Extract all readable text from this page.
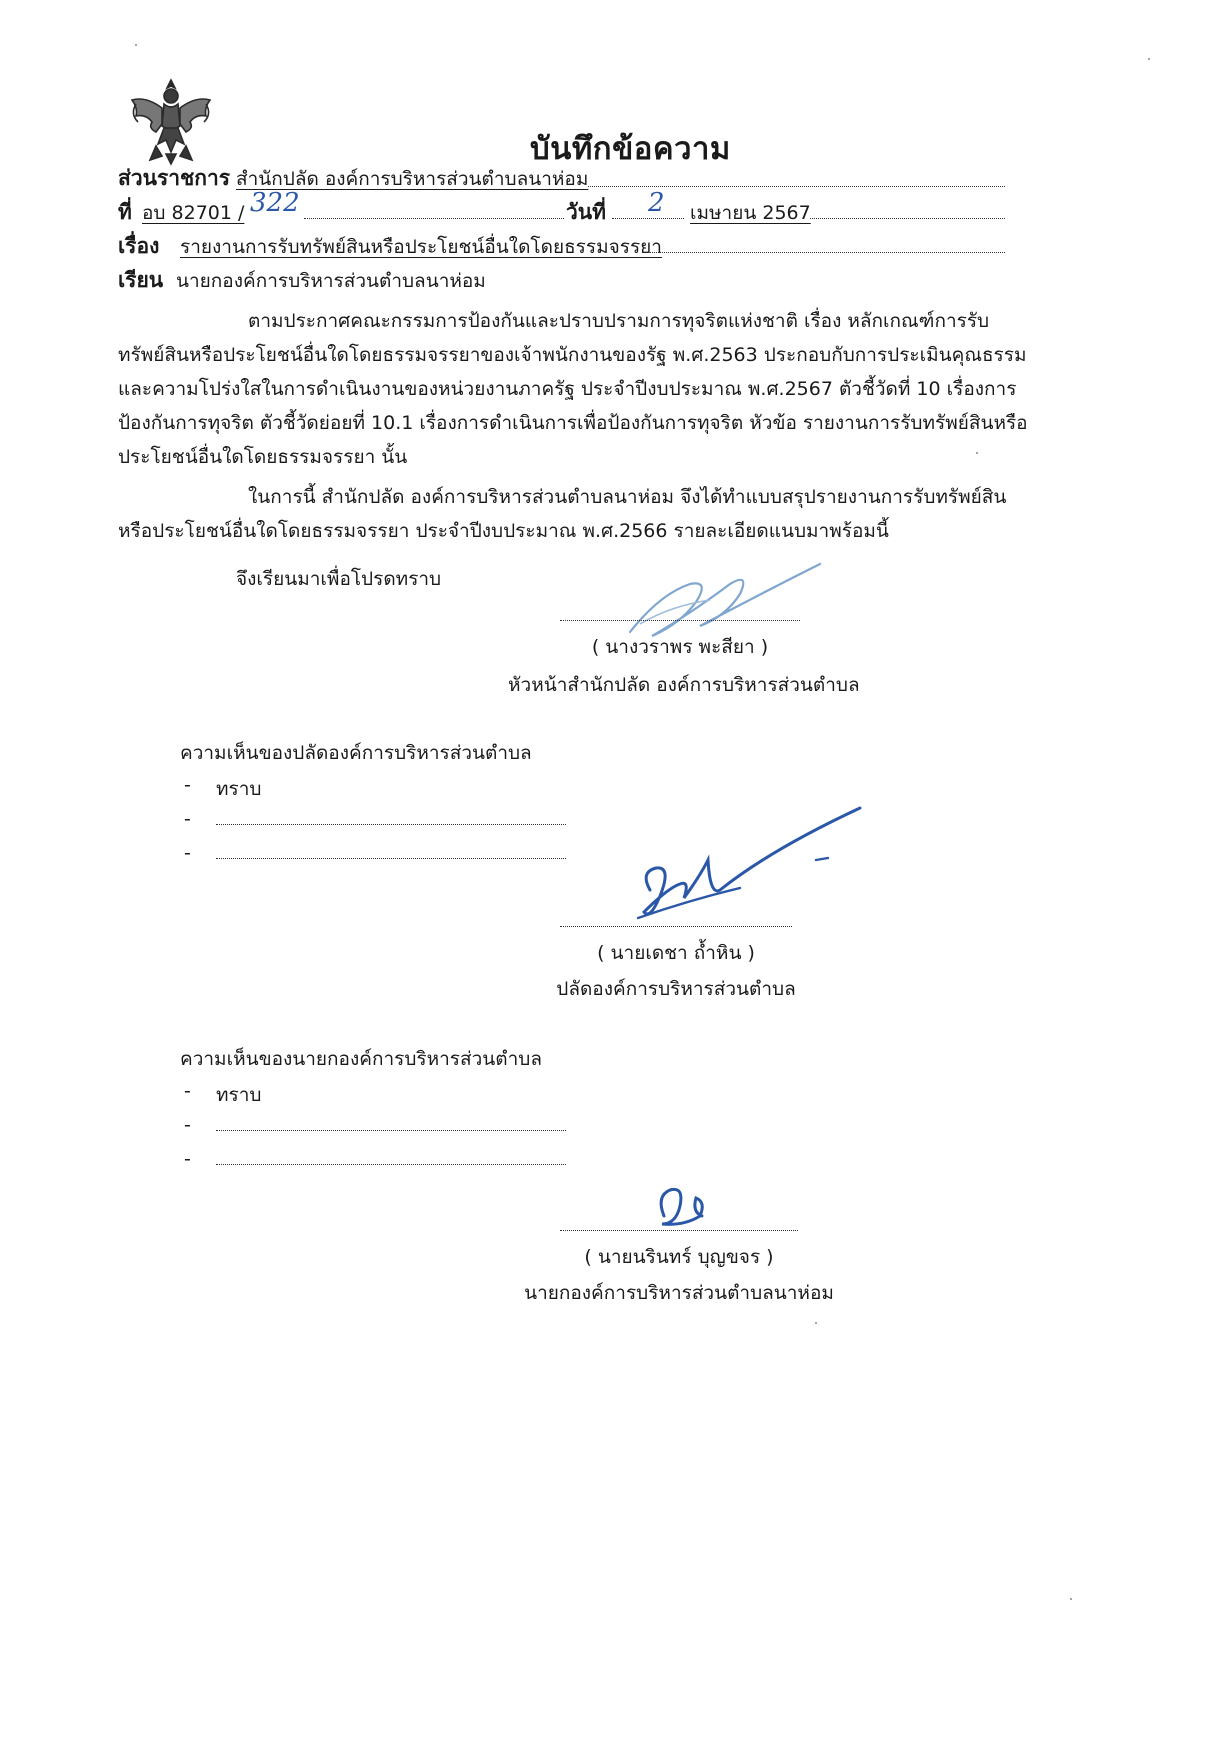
บันทึกข้อความ
ส่วนราชการ สำนักปลัด องค์การบริหารส่วนตำบลนาห่อม
ที่ อบ 82701 / 322	วันที่ 2 เมษายน 2567
เรื่อง รายงานการรับทรัพย์สินหรือประโยชน์อื่นใดโดยธรรมจรรยา
เรียน นายกองค์การบริหารส่วนตำบลนาห่อม
ตามประกาศคณะกรรมการป้องกันและปราบปรามการทุจริตแห่งชาติ เรื่อง หลักเกณฑ์การรับ
ทรัพย์สินหรือประโยชน์อื่นใดโดยธรรมจรรยาของเจ้าพนักงานของรัฐ พ.ศ.2563 ประกอบกับการประเมินคุณธรรม
และความโปร่งใสในการดำเนินงานของหน่วยงานภาครัฐ ประจำปีงบประมาณ พ.ศ.2567 ตัวชี้วัดที่ 10 เรื่องการ
ป้องกันการทุจริต ตัวชี้วัดย่อยที่ 10.1 เรื่องการดำเนินการเพื่อป้องกันการทุจริต หัวข้อ รายงานการรับทรัพย์สินหรือ
ประโยชน์อื่นใดโดยธรรมจรรยา นั้น
ในการนี้ สำนักปลัด องค์การบริหารส่วนตำบลนาห่อม จึงได้ทำแบบสรุปรายงานการรับทรัพย์สิน
หรือประโยชน์อื่นใดโดยธรรมจรรยา ประจำปีงบประมาณ พ.ศ.2566 รายละเอียดแนบมาพร้อมนี้
จึงเรียนมาเพื่อโปรดทราบ
( นางวราพร พะสียา )
หัวหน้าสำนักปลัด องค์การบริหารส่วนตำบล
ความเห็นของปลัดองค์การบริหารส่วนตำบล
- ทราบ
-
-
( นายเดชา ถ้ำหิน )
ปลัดองค์การบริหารส่วนตำบล
ความเห็นของนายกองค์การบริหารส่วนตำบล
- ทราบ
-
-
( นายนรินทร์ บุญขจร )
นายกองค์การบริหารส่วนตำบลนาห่อม
